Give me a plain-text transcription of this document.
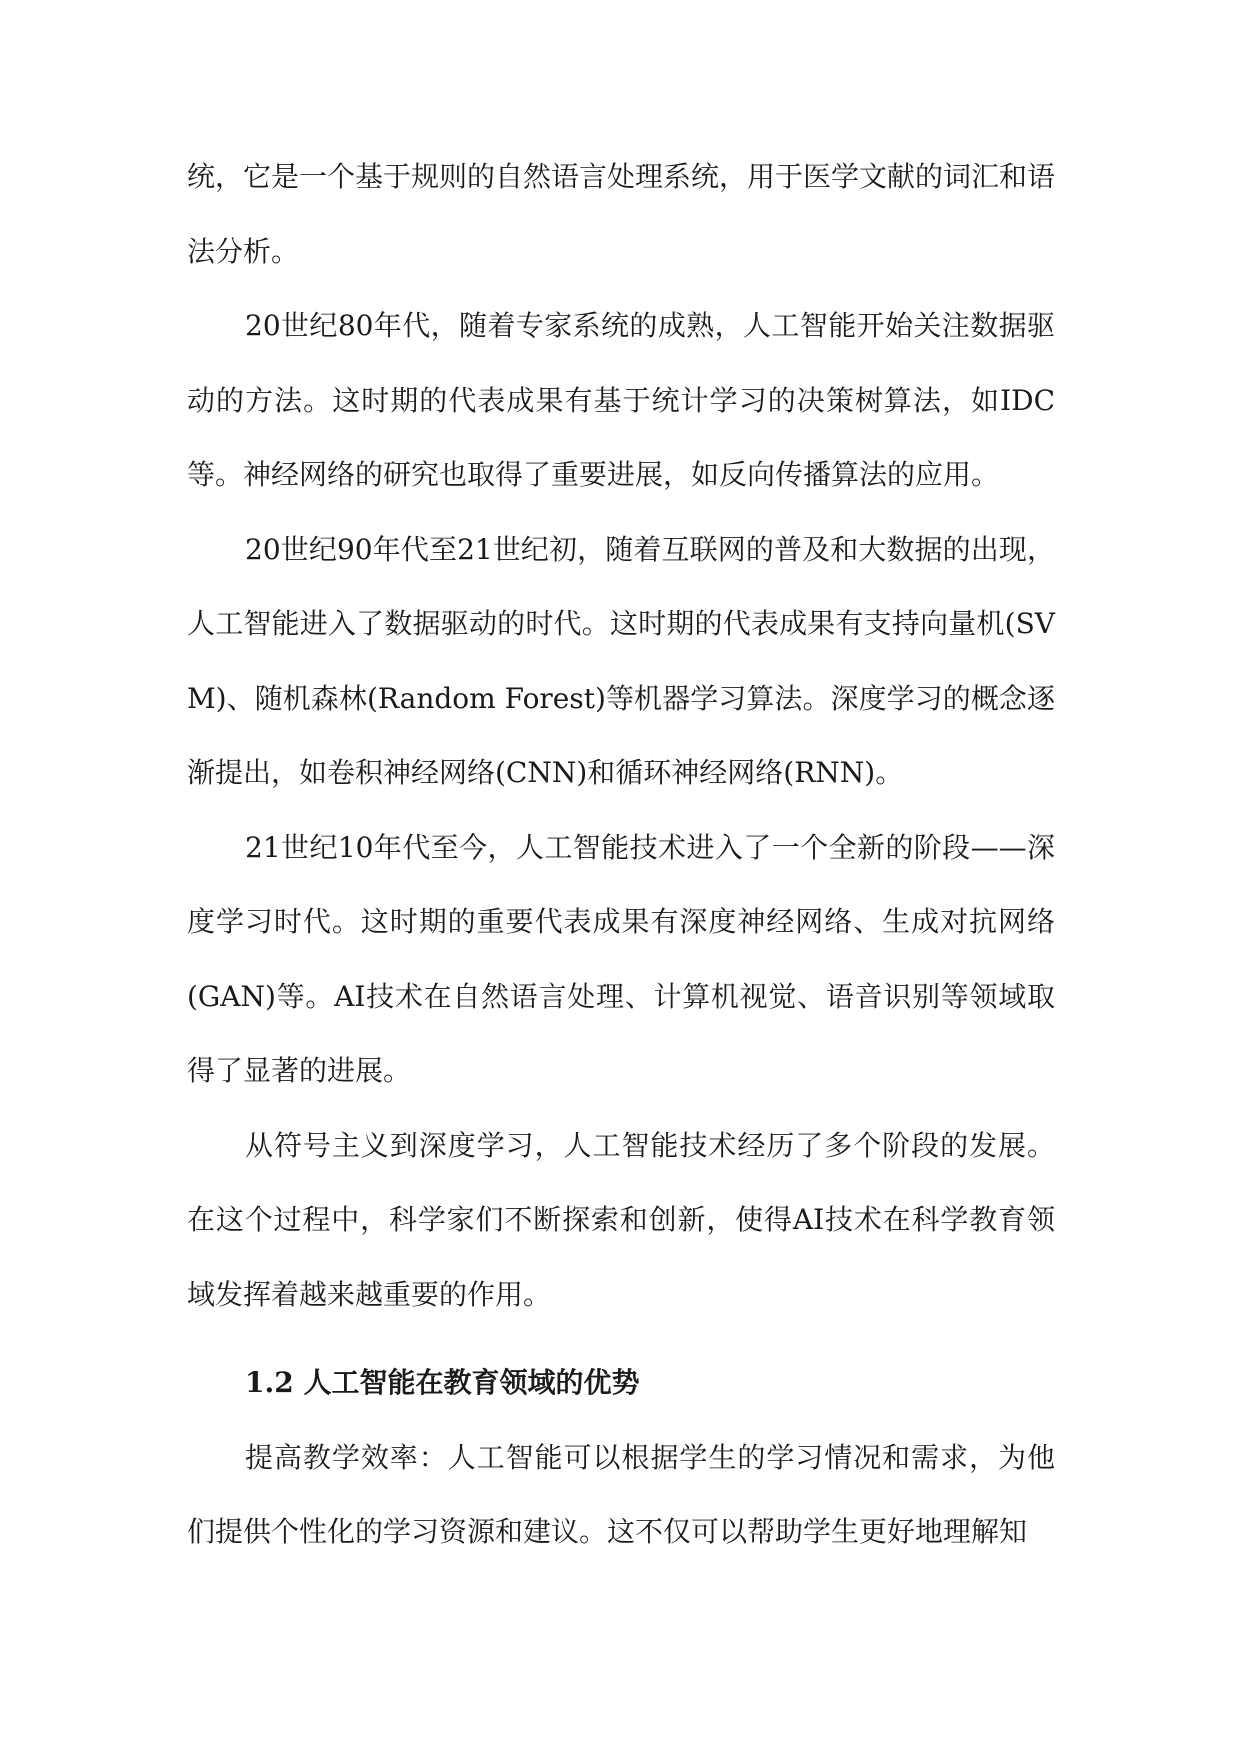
统，它是一个基于规则的自然语言处理系统，用于医学文献的词汇和语法分析。

20世纪80年代，随着专家系统的成熟，人工智能开始关注数据驱动的方法。这时期的代表成果有基于统计学习的决策树算法，如IDC等。神经网络的研究也取得了重要进展，如反向传播算法的应用。

20世纪90年代至21世纪初，随着互联网的普及和大数据的出现，人工智能进入了数据驱动的时代。这时期的代表成果有支持向量机(SVM)、随机森林(Random Forest)等机器学习算法。深度学习的概念逐渐提出，如卷积神经网络(CNN)和循环神经网络(RNN)。

21世纪10年代至今，人工智能技术进入了一个全新的阶段——深度学习时代。这时期的重要代表成果有深度神经网络、生成对抗网络(GAN)等。AI技术在自然语言处理、计算机视觉、语音识别等领域取得了显著的进展。

从符号主义到深度学习，人工智能技术经历了多个阶段的发展。在这个过程中，科学家们不断探索和创新，使得AI技术在科学教育领域发挥着越来越重要的作用。

1.2 人工智能在教育领域的优势

提高教学效率：人工智能可以根据学生的学习情况和需求，为他们提供个性化的学习资源和建议。这不仅可以帮助学生更好地理解知
